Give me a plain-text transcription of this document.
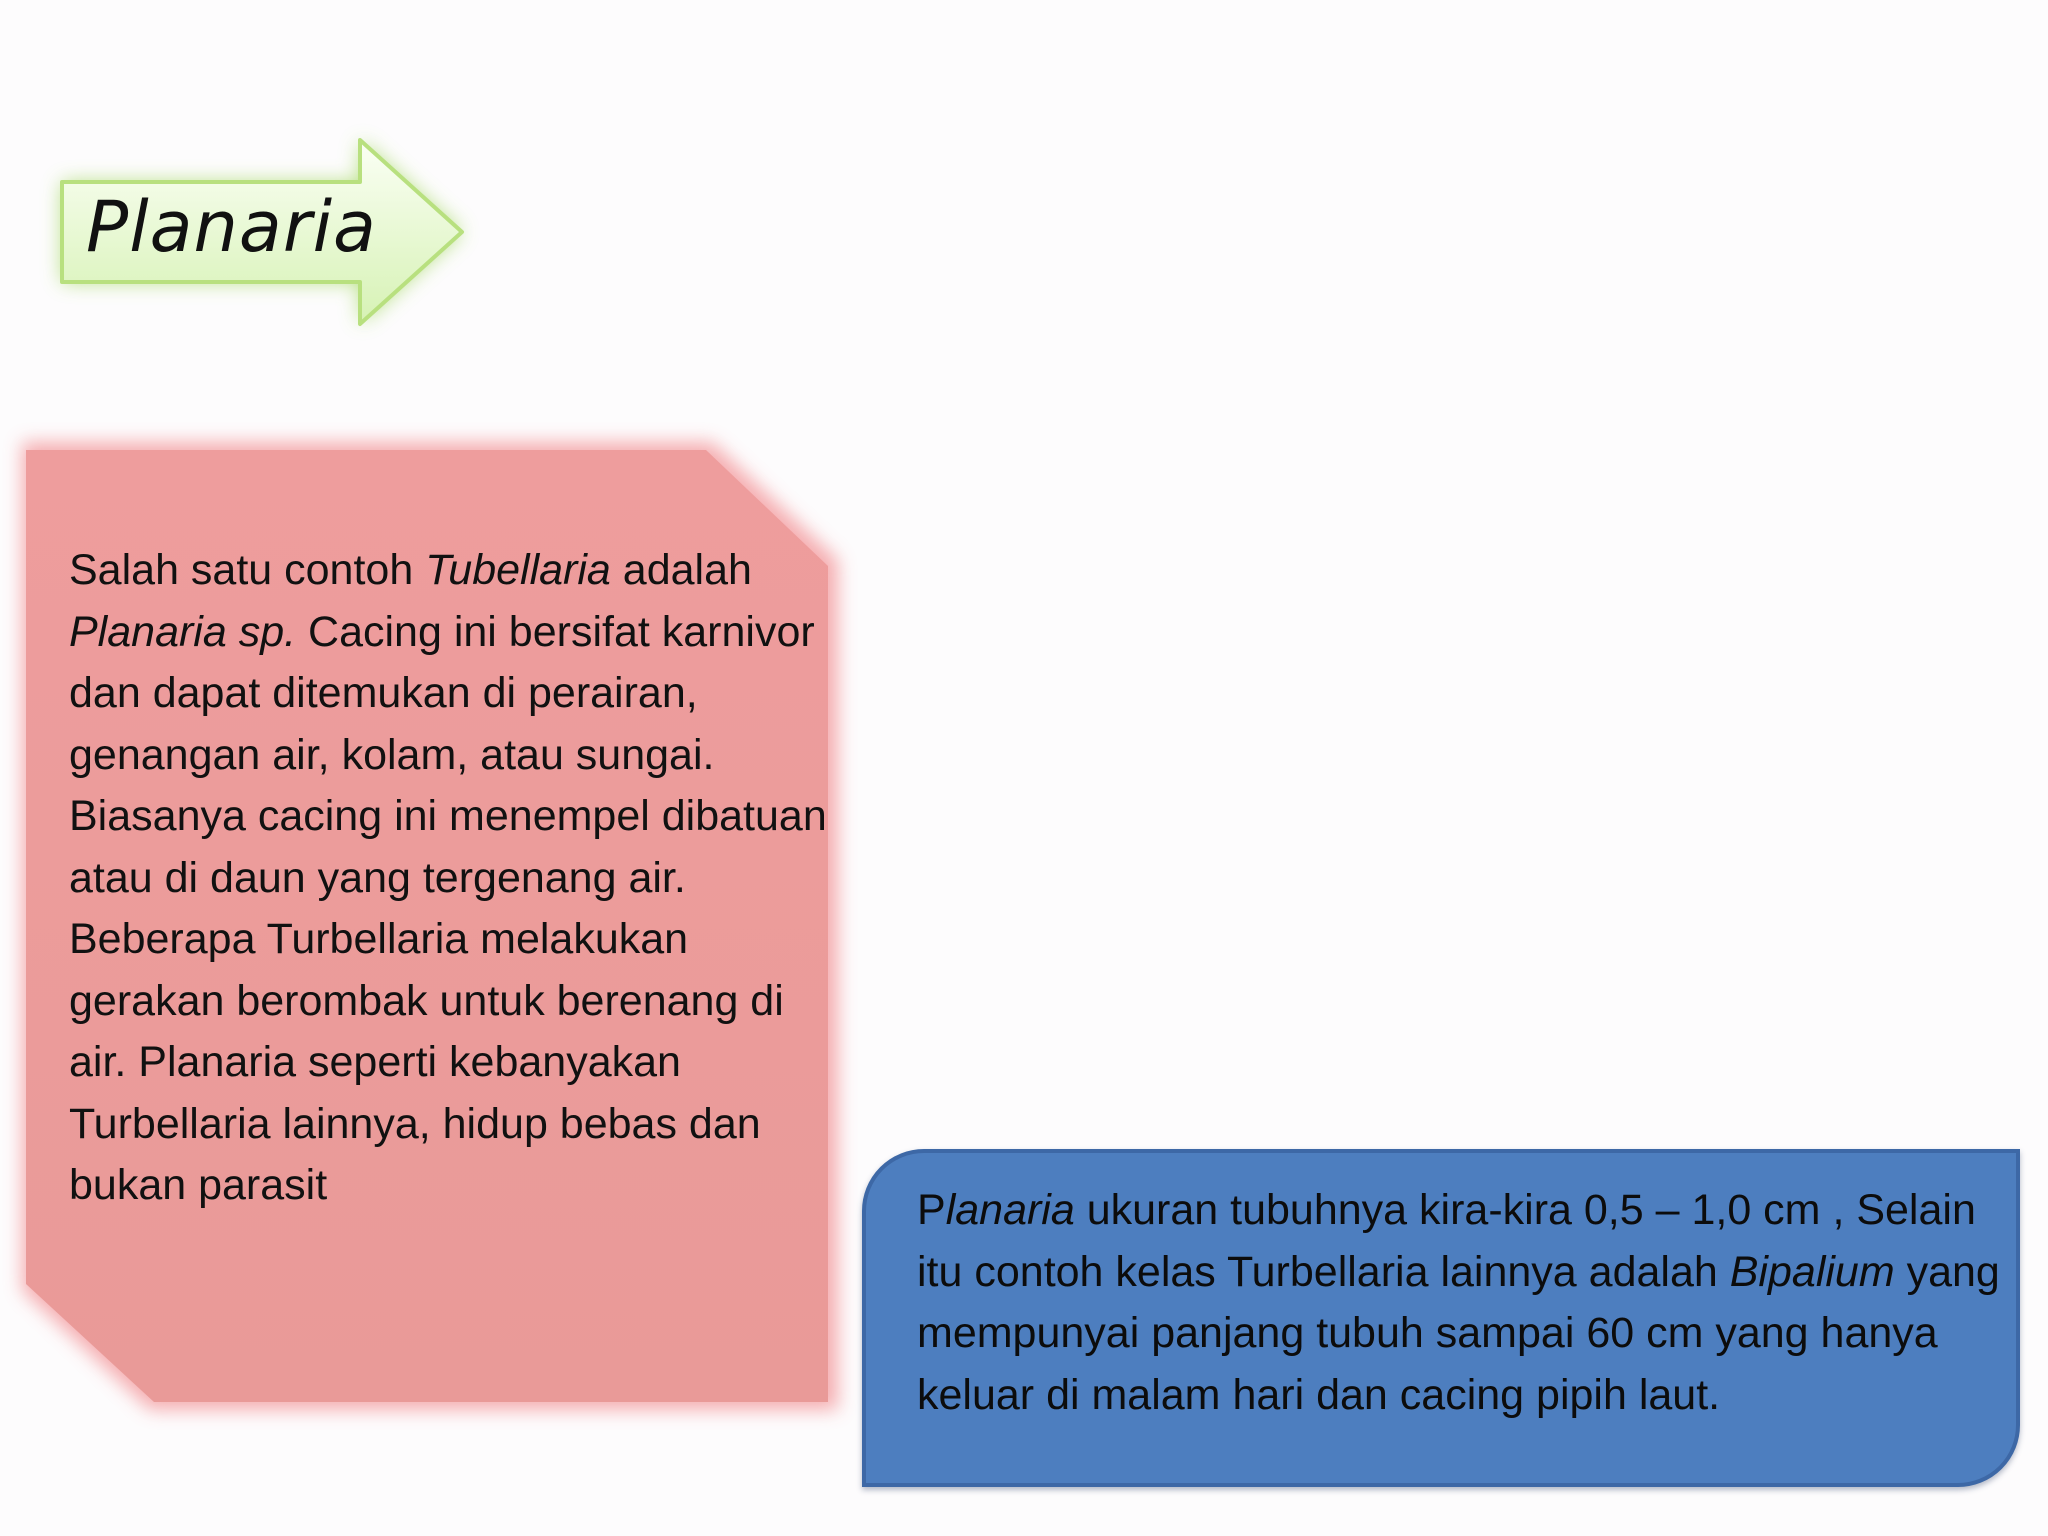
Planaria
Salah satu contoh Tubellaria adalah Planaria sp. Cacing ini bersifat karnivor dan dapat ditemukan di perairan, genangan air, kolam, atau sungai. Biasanya cacing ini menempel dibatuan atau di daun yang tergenang air. Beberapa Turbellaria melakukan gerakan berombak untuk berenang di air. Planaria seperti kebanyakan Turbellaria lainnya, hidup bebas dan bukan parasit
Planaria ukuran tubuhnya kira-kira 0,5 – 1,0 cm , Selain itu contoh kelas Turbellaria lainnya adalah Bipalium yang mempunyai panjang tubuh sampai 60 cm yang hanya keluar di malam hari dan cacing pipih laut.
